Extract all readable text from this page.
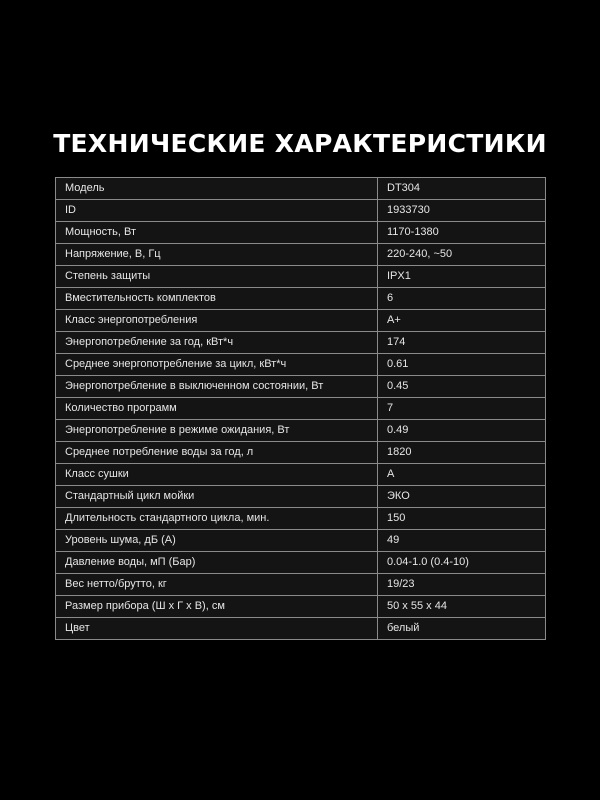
ТЕХНИЧЕСКИЕ ХАРАКТЕРИСТИКИ
Модель	DT304
ID	1933730
Мощность, Вт	1170-1380
Напряжение, В, Гц	220-240, ~50
Степень защиты	IPX1
Вместительность комплектов	6
Класс энергопотребления	А+
Энергопотребление за год, кВт*ч	174
Среднее энергопотребление за цикл, кВт*ч	0.61
Энергопотребление в выключенном состоянии, Вт	0.45
Количество программ	7
Энергопотребление в режиме ожидания, Вт	0.49
Среднее потребление воды за год, л	1820
Класс сушки	А
Стандартный цикл мойки	ЭКО
Длительность стандартного цикла, мин.	150
Уровень шума, дБ (А)	49
Давление воды, мП (Бар)	0.04-1.0 (0.4-10)
Вес нетто/брутто, кг	19/23
Размер прибора (Ш х Г х В), см	50 х 55 х 44
Цвет	белый
